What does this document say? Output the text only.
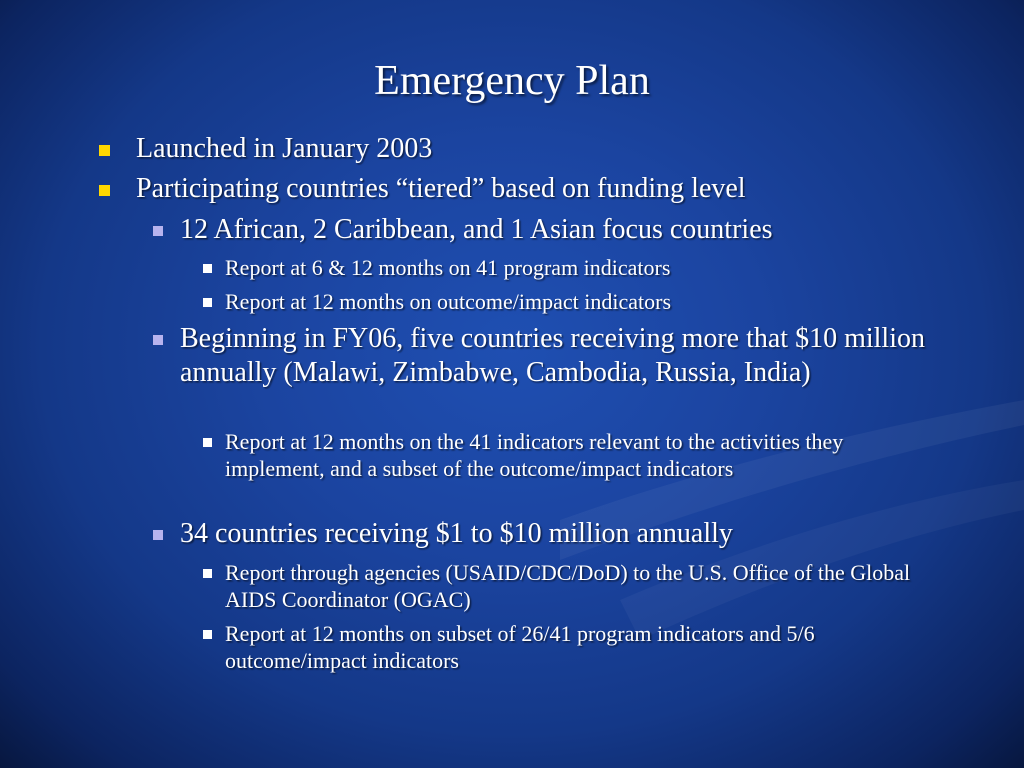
Emergency Plan
Launched in January 2003
Participating countries “tiered” based on funding level
12 African, 2 Caribbean, and 1 Asian focus countries
Report at 6 & 12 months on 41 program indicators
Report at 12 months on outcome/impact indicators
Beginning in FY06, five countries receiving more that $10 million annually (Malawi, Zimbabwe, Cambodia, Russia, India)
Report at 12 months on the 41 indicators relevant to the activities they implement, and a subset of the outcome/impact indicators
34 countries receiving $1 to $10 million annually
Report through agencies (USAID/CDC/DoD) to the U.S. Office of the Global AIDS Coordinator (OGAC)
Report at 12 months on subset of 26/41 program indicators and 5/6 outcome/impact indicators
